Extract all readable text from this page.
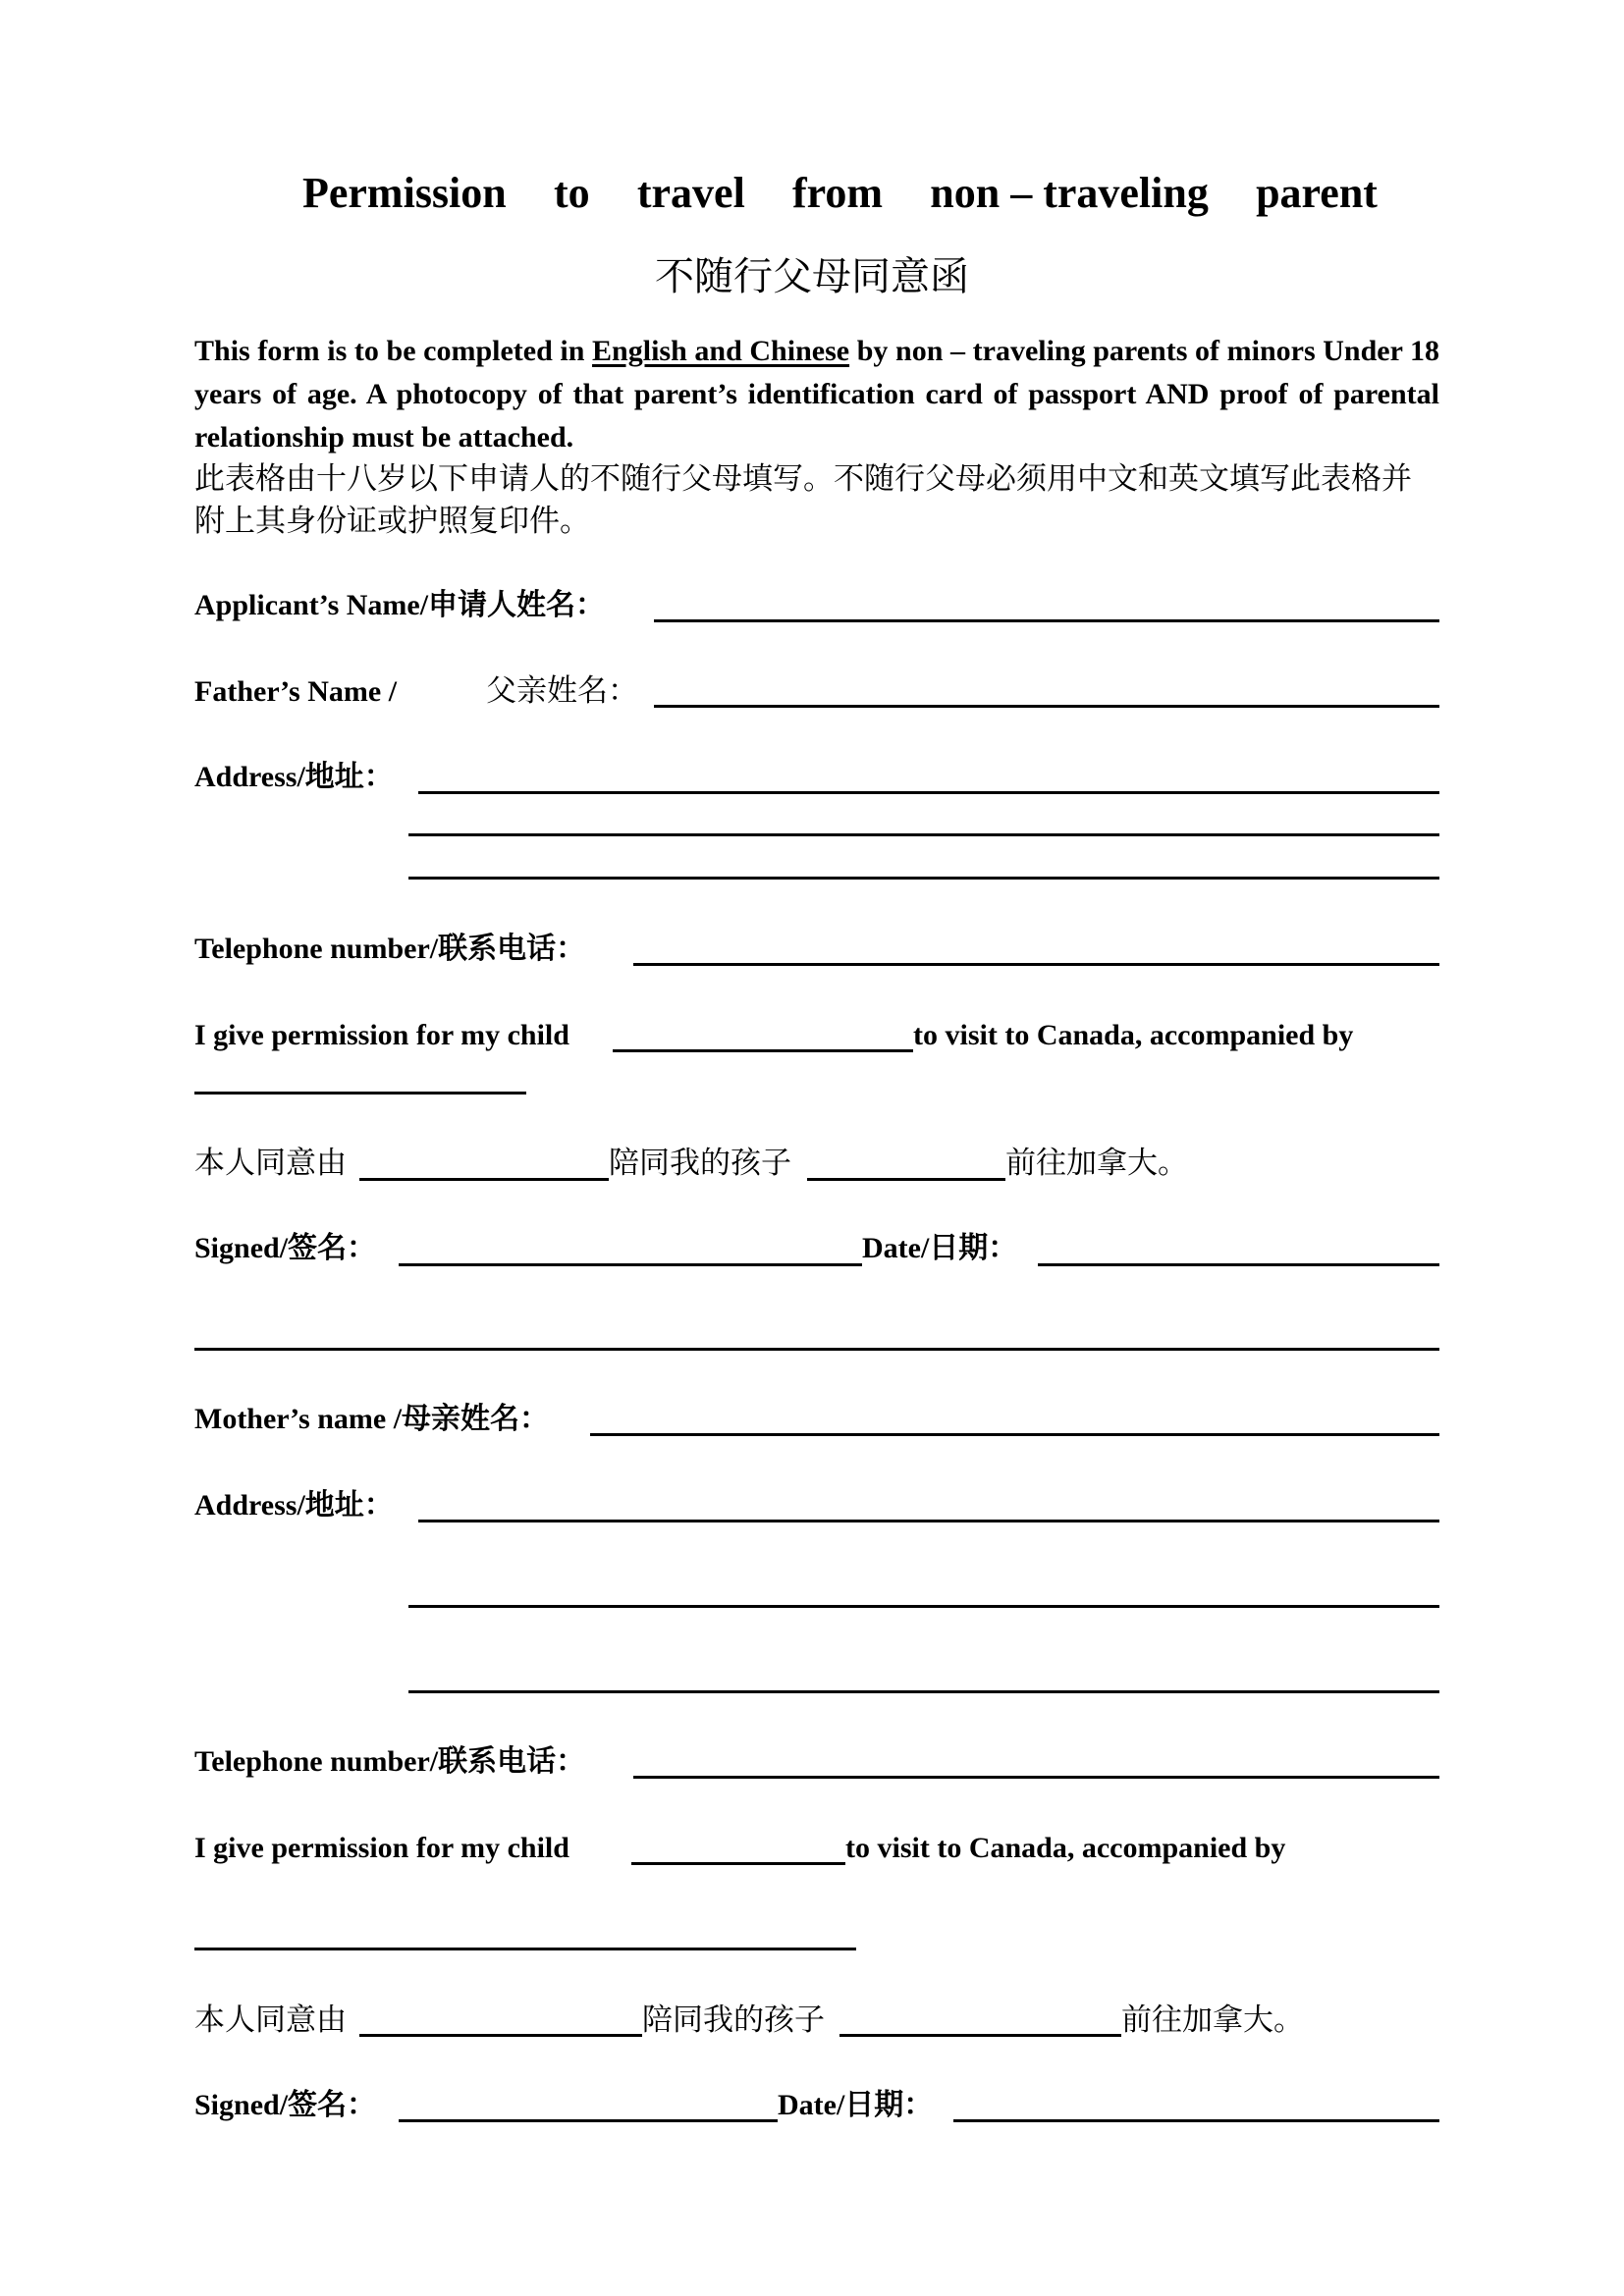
Permission to travel from non – traveling parent
不随行父母同意函
This form is to be completed in English and Chinese by non – traveling parents of minors Under 18 years of age. A photocopy of that parent’s identification card of passport AND proof of parental relationship must be attached.
此表格由十八岁以下申请人的不随行父母填写。不随行父母必须用中文和英文填写此表格并附上其身份证或护照复印件。
Applicant’s Name/申请人姓名：
Father’s Name /	父亲姓名：
Address/地址：
Telephone number/联系电话：
I give permission for my child	to visit to Canada, accompanied by
本人同意由	陪同我的孩子	前往加拿大。
Signed/签名：	Date/日期：
Mother’s name /母亲姓名：
Address/地址：
Telephone number/联系电话：
I give permission for my child	to visit to Canada, accompanied by
本人同意由	陪同我的孩子	前往加拿大。
Signed/签名：	Date/日期：
